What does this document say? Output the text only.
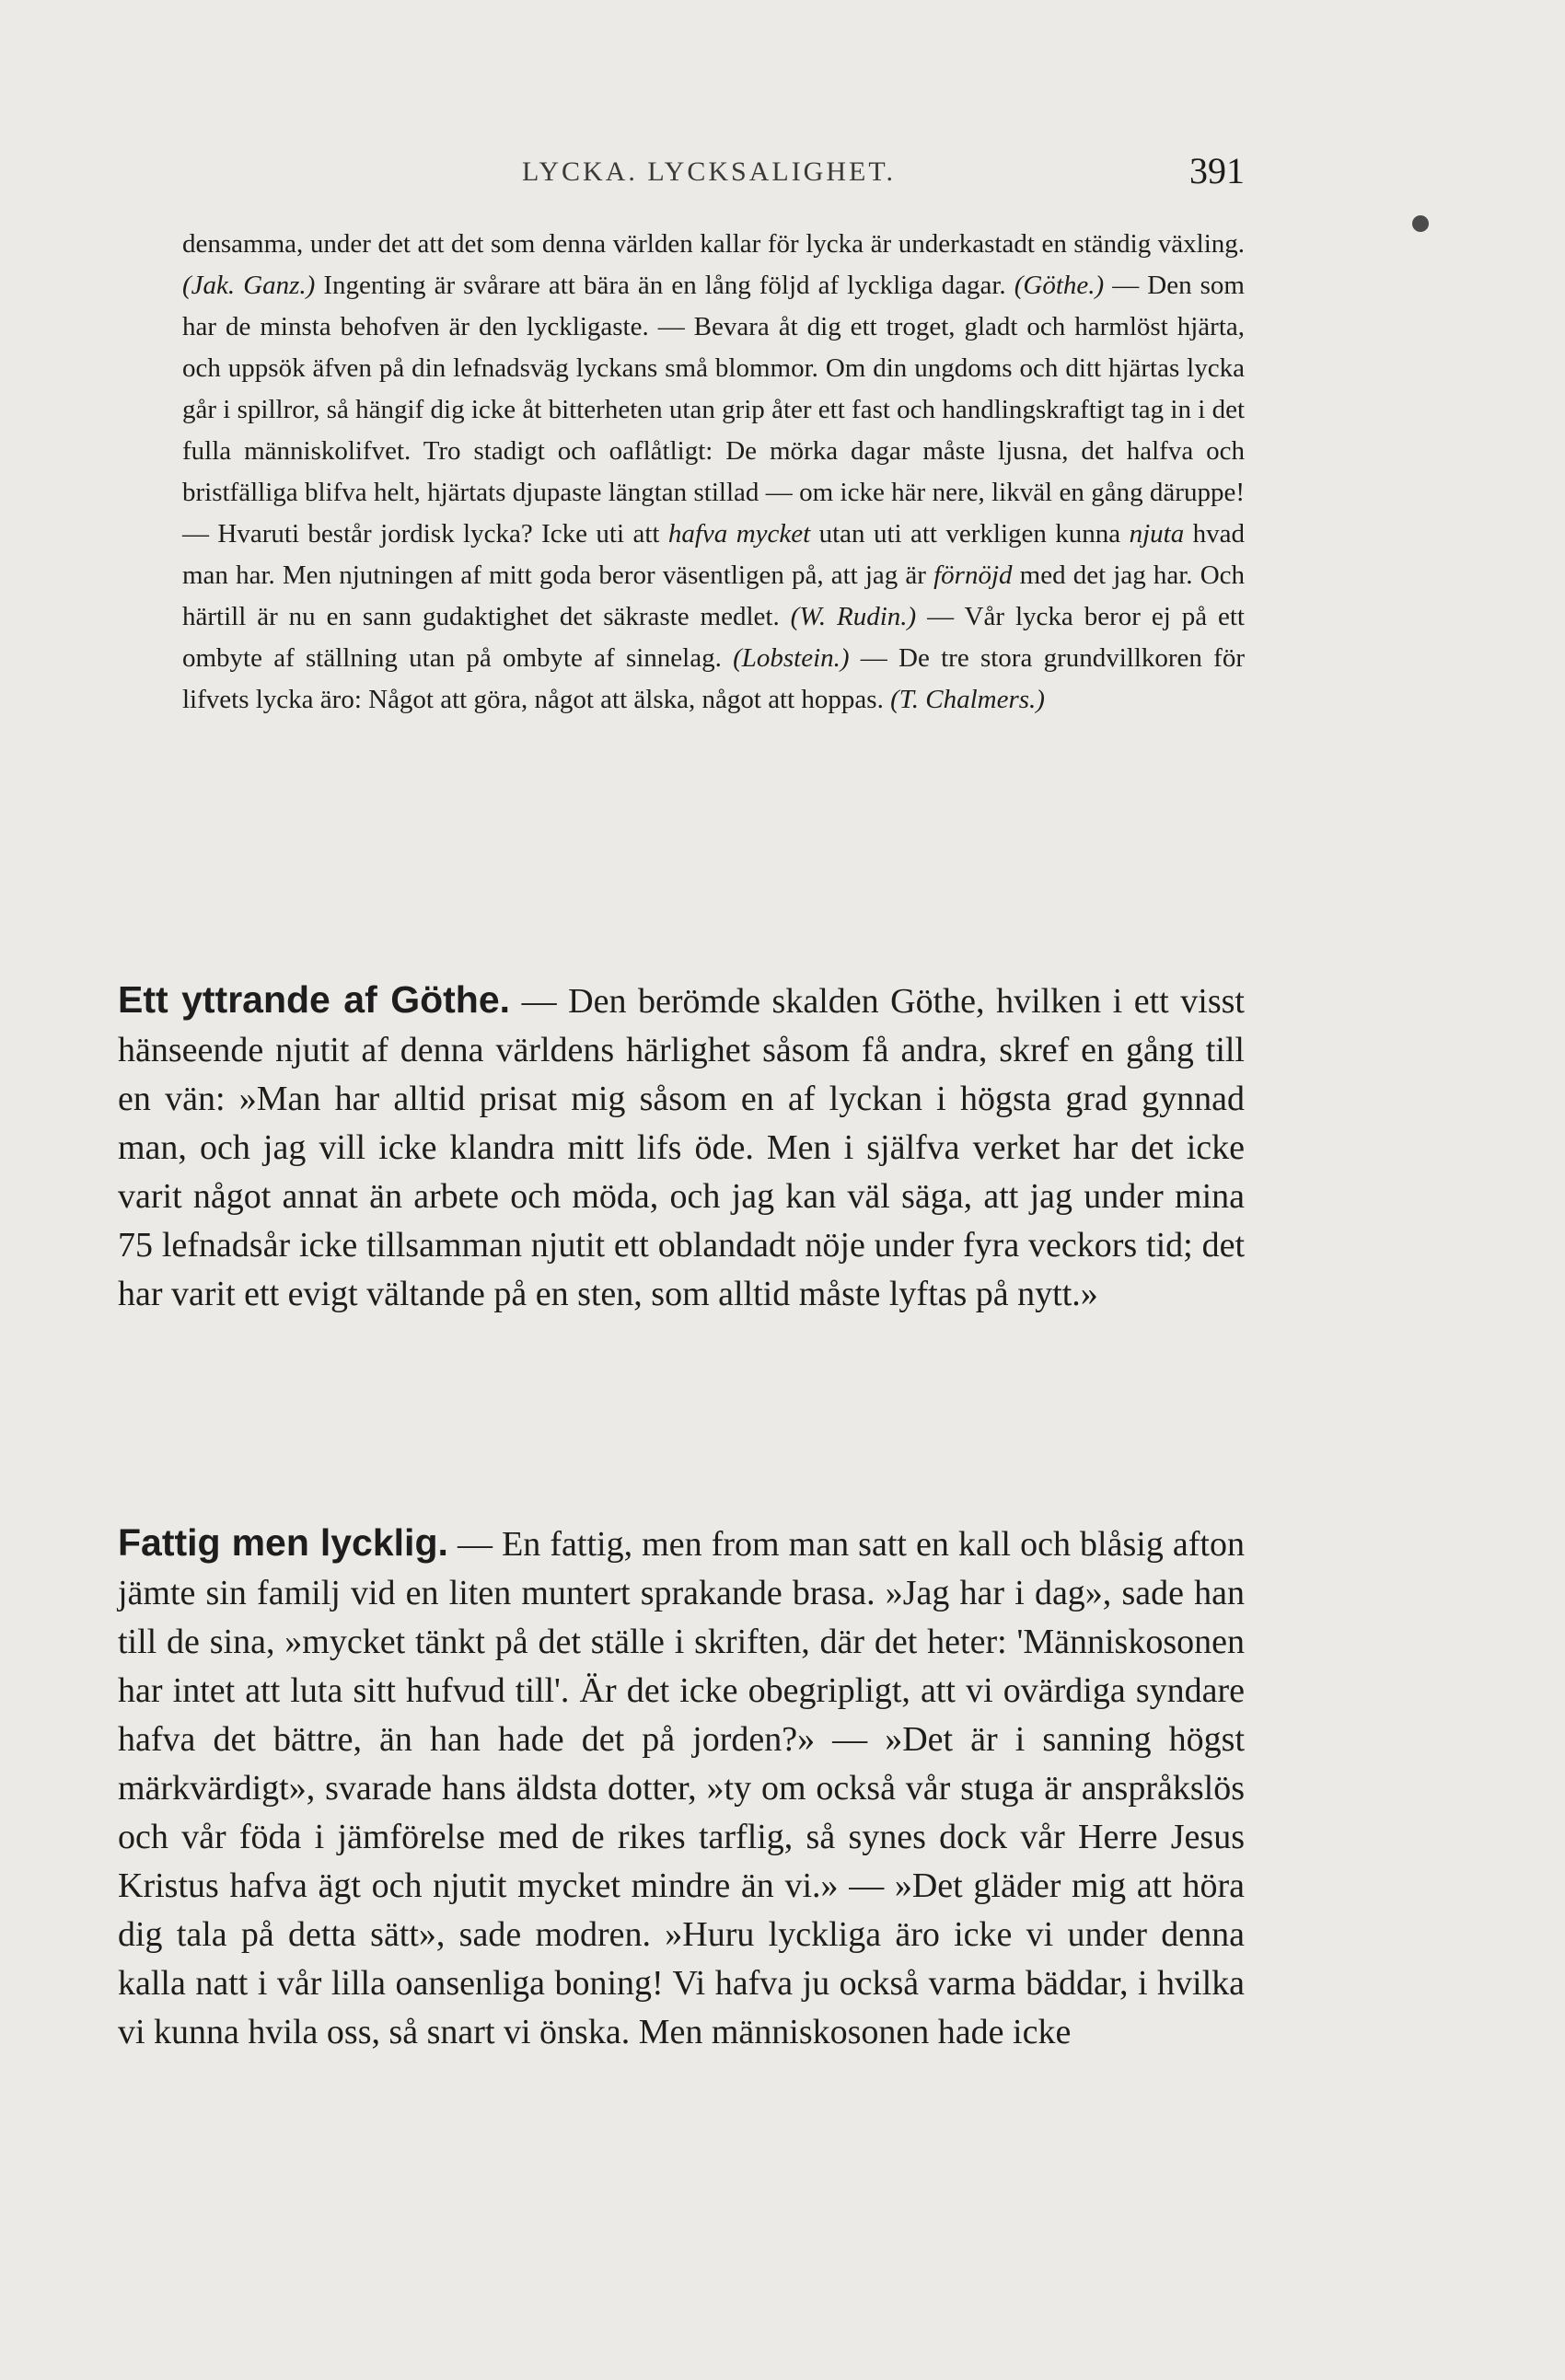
LYCKA. LYCKSALIGHET.	391

densamma, under det att det som denna världen kallar för lycka är underkastadt en ständig växling. (Jak. Ganz.) Ingenting är svårare att bära än en lång följd af lyckliga dagar. (Göthe.) — Den som har de minsta behofven är den lyckligaste. — Bevara åt dig ett troget, gladt och harmlöst hjärta, och uppsök äfven på din lefnadsväg lyckans små blommor. Om din ungdoms och ditt hjärtas lycka går i spillror, så hängif dig icke åt bitterheten utan grip åter ett fast och handlingskraftigt tag in i det fulla människolifvet. Tro stadigt och oaflåtligt: De mörka dagar måste ljusna, det halfva och bristfälliga blifva helt, hjärtats djupaste längtan stillad — om icke här nere, likväl en gång däruppe! — Hvaruti består jordisk lycka? Icke uti att hafva mycket utan uti att verkligen kunna njuta hvad man har. Men njutningen af mitt goda beror väsentligen på, att jag är förnöjd med det jag har. Och härtill är nu en sann gudaktighet det säkraste medlet. (W. Rudin.) — Vår lycka beror ej på ett ombyte af ställning utan på ombyte af sinnelag. (Lobstein.) — De tre stora grundvillkoren för lifvets lycka äro: Något att göra, något att älska, något att hoppas. (T. Chalmers.)

Ett yttrande af Göthe. — Den berömde skalden Göthe, hvilken i ett visst hänseende njutit af denna världens härlighet såsom få andra, skref en gång till en vän: »Man har alltid prisat mig såsom en af lyckan i högsta grad gynnad man, och jag vill icke klandra mitt lifs öde. Men i själfva verket har det icke varit något annat än arbete och möda, och jag kan väl säga, att jag under mina 75 lefnadsår icke tillsamman njutit ett oblandadt nöje under fyra veckors tid; det har varit ett evigt vältande på en sten, som alltid måste lyftas på nytt.»

Fattig men lycklig. — En fattig, men from man satt en kall och blåsig afton jämte sin familj vid en liten muntert sprakande brasa. »Jag har i dag», sade han till de sina, »mycket tänkt på det ställe i skriften, där det heter: 'Människosonen har intet att luta sitt hufvud till'. Är det icke obegripligt, att vi ovärdiga syndare hafva det bättre, än han hade det på jorden?» — »Det är i sanning högst märkvärdigt», svarade hans äldsta dotter, »ty om också vår stuga är anspråkslös och vår föda i jämförelse med de rikes tarflig, så synes dock vår Herre Jesus Kristus hafva ägt och njutit mycket mindre än vi.» — »Det gläder mig att höra dig tala på detta sätt», sade modren. »Huru lyckliga äro icke vi under denna kalla natt i vår lilla oansenliga boning! Vi hafva ju också varma bäddar, i hvilka vi kunna hvila oss, så snart vi önska. Men människosonen hade icke
